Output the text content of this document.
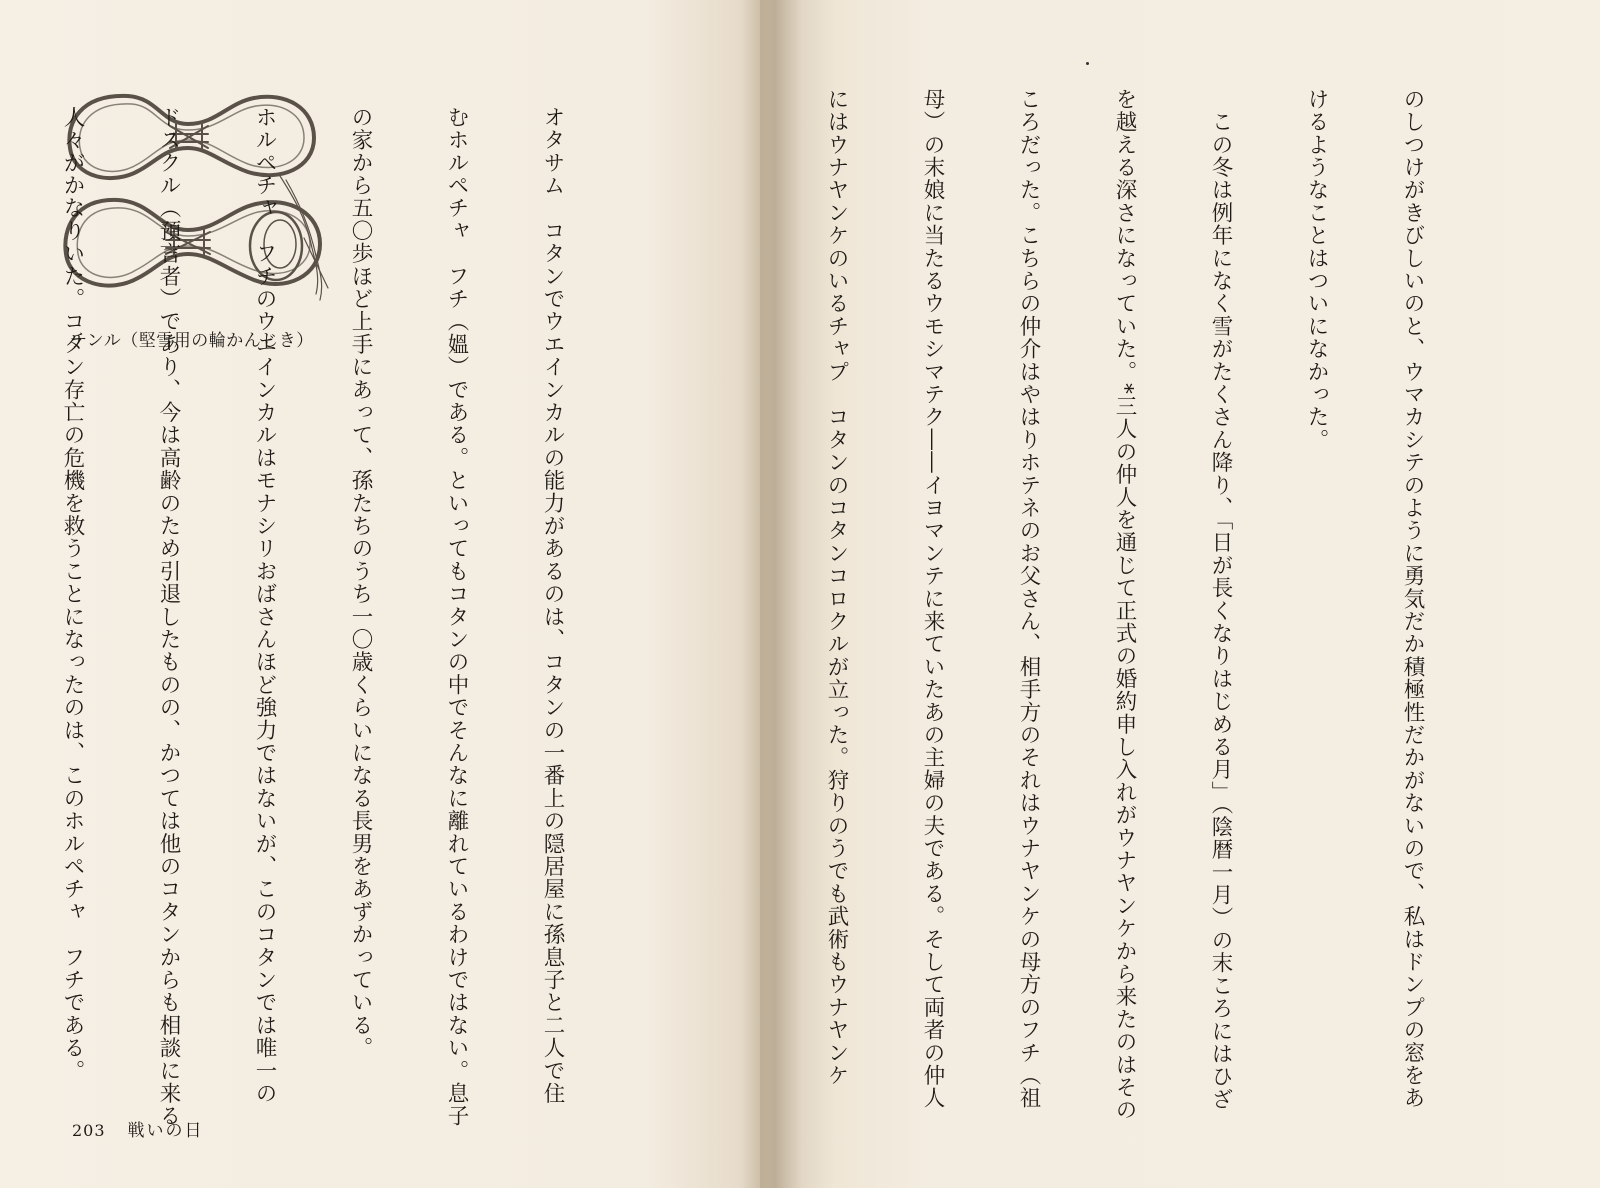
チンル（堅雪用の輪かんじき）

	オタサム　コタンでウエインカルの能力があるのは、コタンの一番上の隠居屋に孫息子と二人で住

むホルペチャ　フチ（媼）である。といってもコタンの中でそんなに離れているわけではない。息子

の家から五〇歩ほど上手にあって、孫たちのうち一〇歳くらいになる長男をあずかっている。

ホルペチャ　フチのウエインカルはモナシリおばさんほど強力ではないが、このコタンでは唯一の

ドスクル（預言者）であり、今は高齢のため引退したものの、かつては他のコタンからも相談に来る

人々がかなりいた。コタン存亡の危機を救うことになったのは、このホルペチャ　フチである。

203 戦いの日

のしつけがきびしいのと、ウマカシテのように勇気だか積極性だかがないので、私はドンプの窓をあ

けるようなことはついになかった。

　この冬は例年になく雪がたくさん降り、「日が長くなりはじめる月」（陰暦一月）の末ころにはひざ

を越える深さになっていた。*三人の仲人を通じて正式の婚約申し入れがウナヤンケから来たのはその

ころだった。こちらの仲介はやはりホテネのお父さん、相手方のそれはウナヤンケの母方のフチ（祖

母）の末娘に当たるウモシマテク――イヨマンテに来ていたあの主婦の夫である。そして両者の仲人

にはウナヤンケのいるチャプ　コタンのコタンコロクルが立った。狩りのうでも武術もウナヤンケ
